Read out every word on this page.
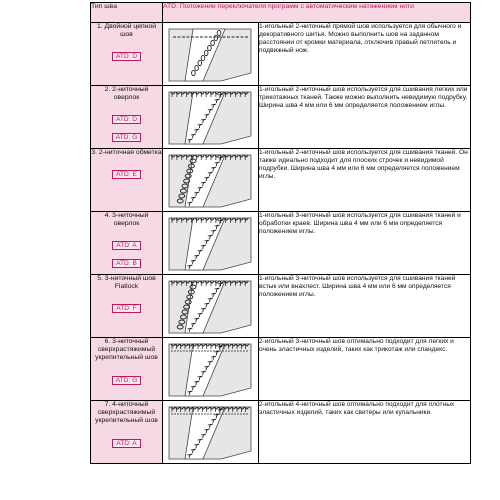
Тип шва	ATD: Положение переключателя программ с автоматическим натяжением нити	

1. Двойной цепной шов
ATD: D		1-игольный 2-ниточный прямой шов используется для обычного и декоративного шитья. Можно выполнить шов на заданном расстоянии от кромки материала, отключив правый петлитель и подвижный нож.

2. 2-ниточный оверлок
ATD: D
ATD: G		1-игольный 2-ниточный шов используется для сшивания легких или трикотажных тканей. Также можно выполнить невидимую подрубку. Ширина шва 4 мм или 6 мм определяется положением иглы.

3. 2-ниточная обметка
ATD: E		1-игольный 2-ниточный шов используется для сшивания тканей. Он также идеально подходит для плоских строчек и невидимой подрубки. Ширина шва 4 мм или 6 мм определяется положением иглы.

4. 3-ниточный оверлок
ATD: A
ATD: B		1-игольный 3-ниточный шов используется для сшивания тканей и обработки краев. Ширина шва 4 мм или 6 мм определяется положением иглы.

5. 3-ниточный шов Flatlock
ATD: F		1-игольный 3-ниточный шов используется для сшивания тканей встык или внахлест. Ширина шва 4 мм или 6 мм определяется положением иглы.

6. 3-ниточный сверхрастяжимый укрепительный шов
ATD: G		2-игольный 3-ниточный шов оптимально подходит для легких и очень эластичных изделий, таких как трикотаж или спандекс.

7. 4-ниточный сверхрастяжимый укрепительный шов
ATD: A		2-игольный 4-ниточный шов оптимально подходит для плотных эластичных изделий, таких как свитеры или купальники.
